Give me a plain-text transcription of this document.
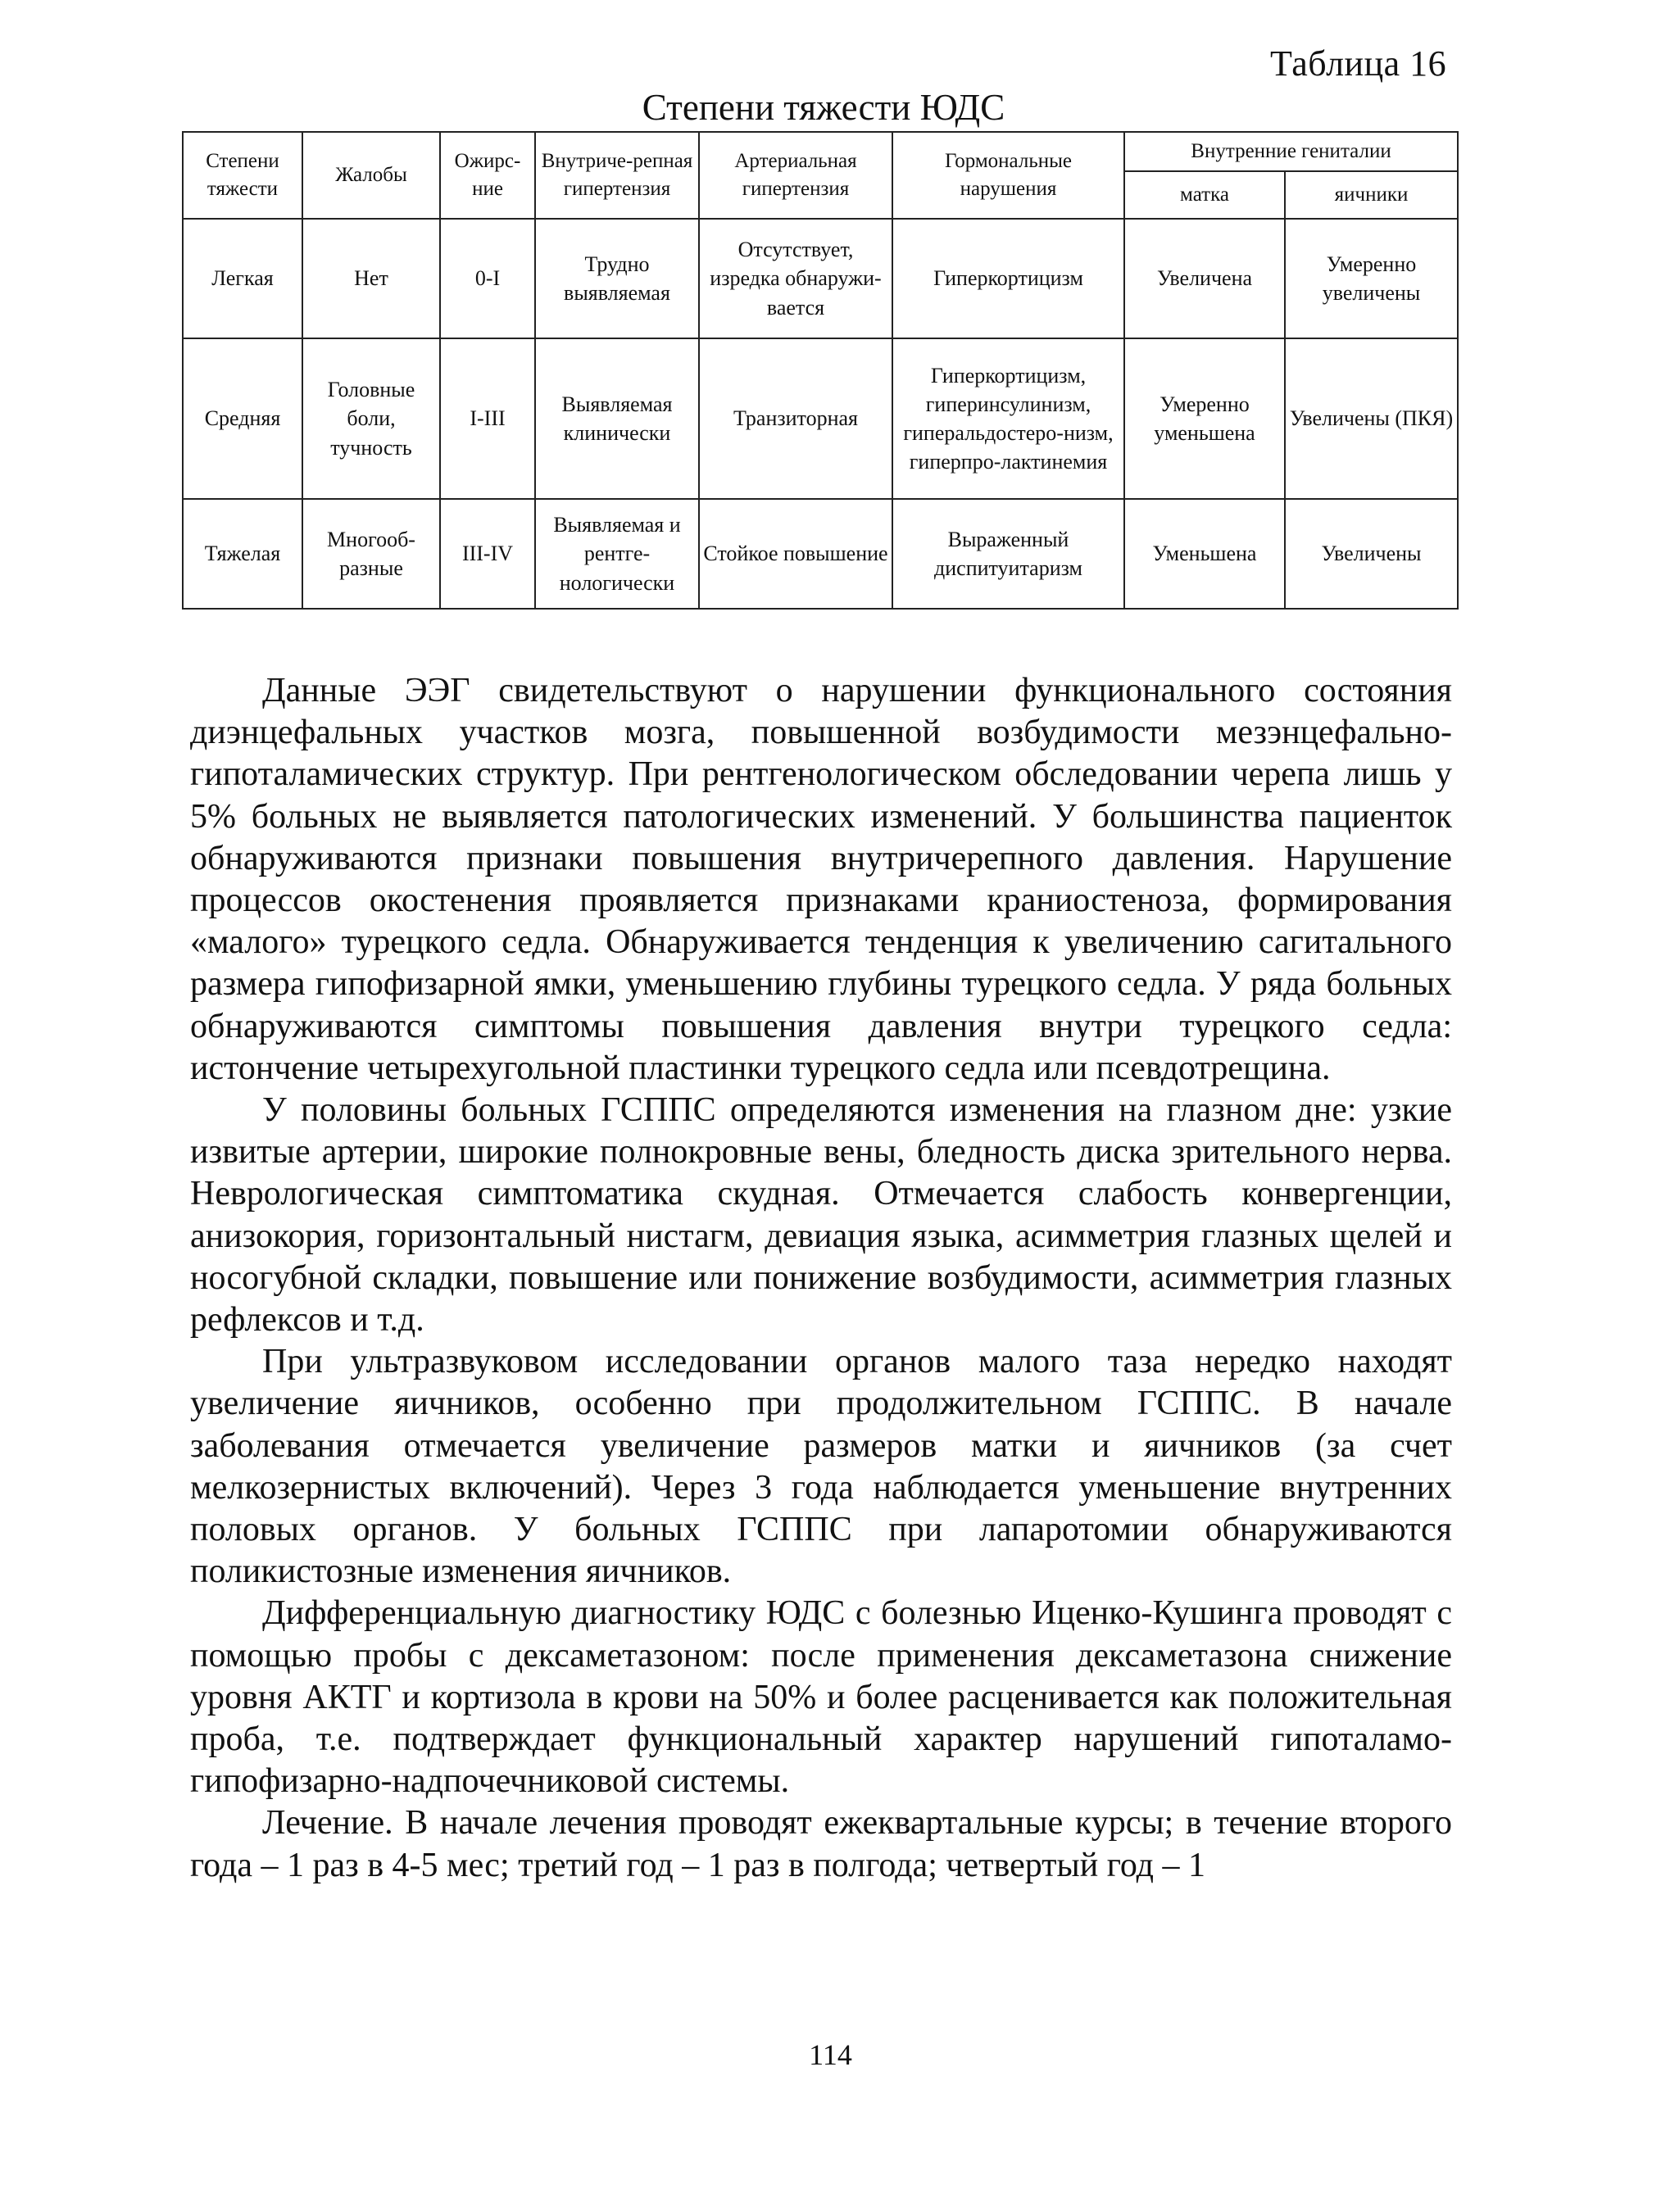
Таблица 16
Степени тяжести ЮДС
Степени тяжести	Жалобы	Ожирс-ние	Внутриче-репная гипертензия	Артериальная гипертензия	Гормональные нарушения	Внутренние гениталии	
						матка	яичники
Легкая	Нет	0-I	Трудно выявляемая	Отсутствует, изредка обнаружи-вается	Гиперкортицизм	Увеличена	Умеренно увеличены
Средняя	Головные боли, тучность	I-III	Выявляемая клинически	Транзиторная	Гиперкортицизм, гиперинсулинизм, гиперальдостеро-низм, гиперпро-лактинемия	Умеренно уменьшена	Увеличены (ПКЯ)
Тяжелая	Многооб-разные	III-IV	Выявляемая и рентге-нологически	Стойкое повышение	Выраженный диспитуитаризм	Уменьшена	Увеличены

Данные ЭЭГ свидетельствуют о нарушении функционального состояния диэнцефальных участков мозга, повышенной возбудимости мезэнцефально-гипоталамических структур. При рентгенологическом обследовании черепа лишь у 5% больных не выявляется патологических изменений. У большинства пациенток обнаруживаются признаки повышения внутричерепного давления. Нарушение процессов окостенения проявляется признаками краниостеноза, формирования «малого» турецкого седла. Обнаруживается тенденция к увеличению сагитального размера гипофизарной ямки, уменьшению глубины турецкого седла. У ряда больных обнаруживаются симптомы повышения давления внутри турецкого седла: истончение четырехугольной пластинки турецкого седла или псевдотрещина.

У половины больных ГСППС определяются изменения на глазном дне: узкие извитые артерии, широкие полнокровные вены, бледность диска зрительного нерва. Неврологическая симптоматика скудная. Отмечается слабость конвергенции, анизокория, горизонтальный нистагм, девиация языка, асимметрия глазных щелей и носогубной складки, повышение или понижение возбудимости, асимметрия глазных рефлексов и т.д.

При ультразвуковом исследовании органов малого таза нередко находят увеличение яичников, особенно при продолжительном ГСППС. В начале заболевания отмечается увеличение размеров матки и яичников (за счет мелкозернистых включений). Через 3 года наблюдается уменьшение внутренних половых органов. У больных ГСППС при лапаротомии обнаруживаются поликистозные изменения яичников.

Дифференциальную диагностику ЮДС с болезнью Иценко-Кушинга проводят с помощью пробы с дексаметазоном: после применения дексаметазона снижение уровня АКТГ и кортизола в крови на 50% и более расценивается как положительная проба, т.е. подтверждает функциональный характер нарушений гипоталамо-гипофизарно-надпочечниковой системы.

Лечение. В начале лечения проводят ежеквартальные курсы; в течение второго года – 1 раз в 4-5 мес; третий год – 1 раз в полгода; четвертый год – 1

114
